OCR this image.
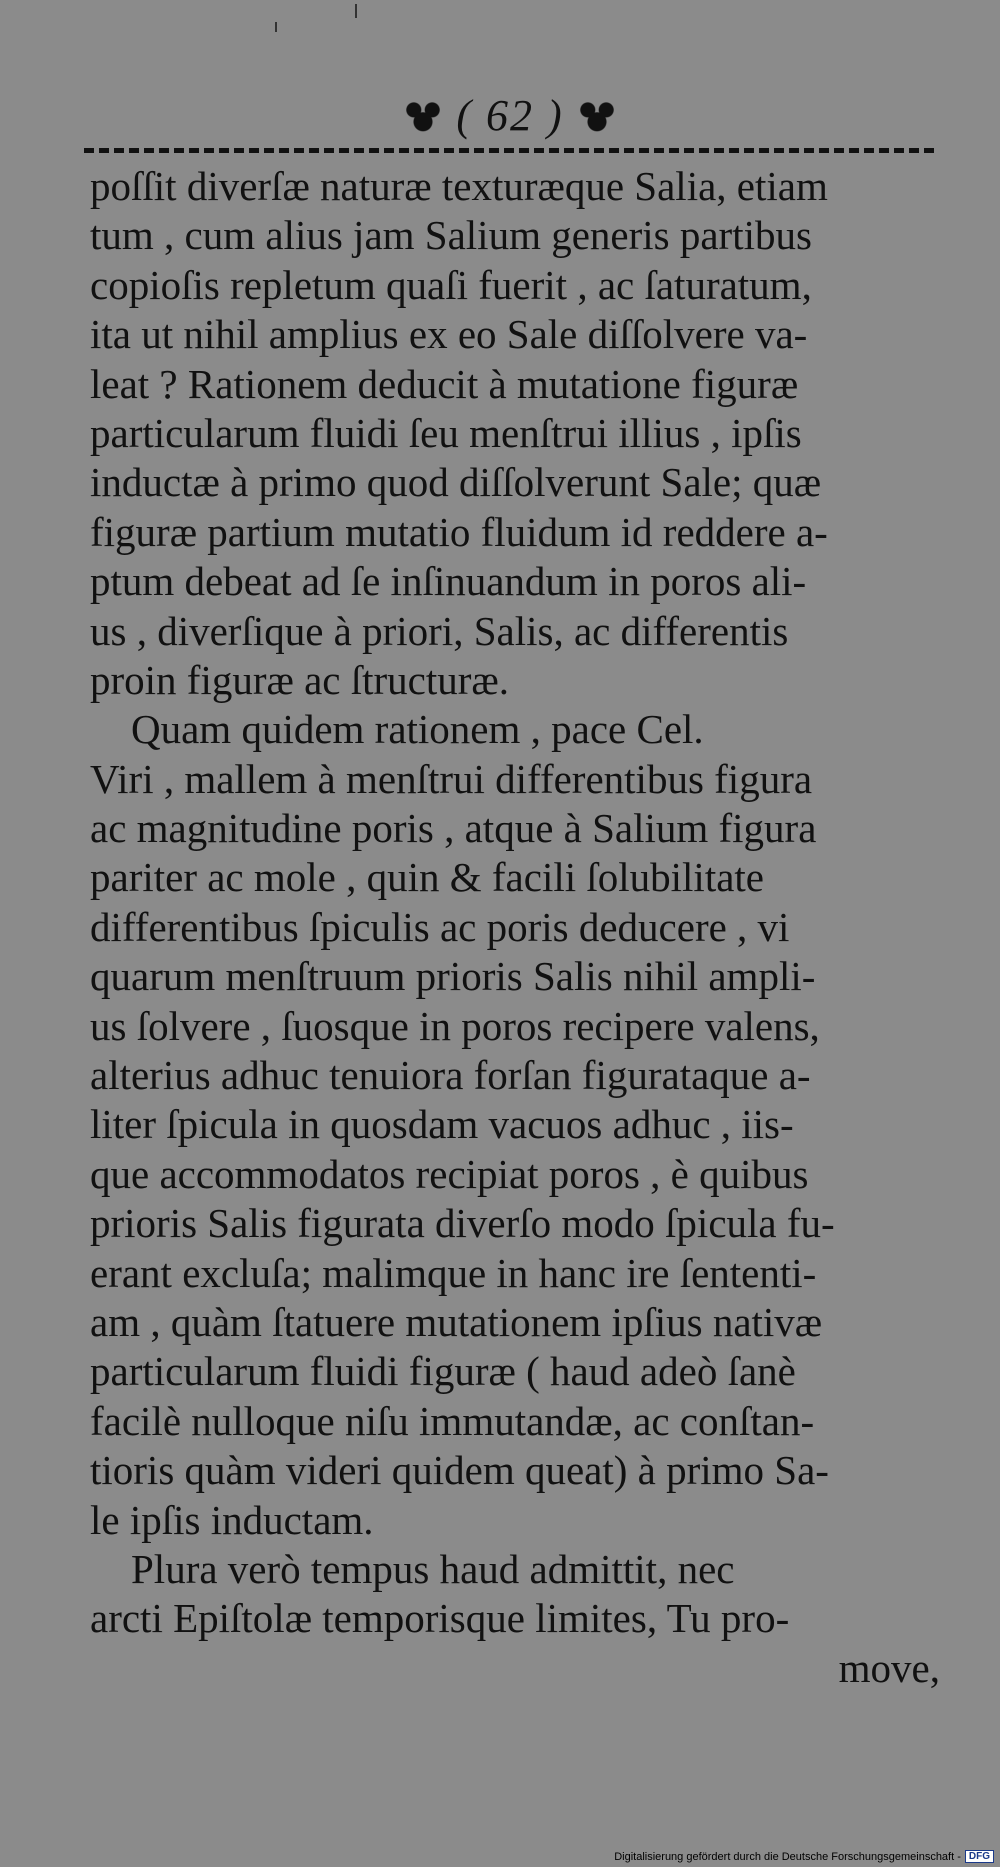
( 62 )
poſſit diverſæ naturæ texturæque Salia, etiam
tum , cum alius jam Salium generis partibus
copioſis repletum quaſi fuerit , ac ſaturatum,
ita ut nihil amplius ex eo Sale diſſolvere va-
leat ? Rationem deducit à mutatione figuræ
particularum fluidi ſeu menſtrui illius , ipſis
inductæ à primo quod diſſolverunt Sale; quæ
figuræ partium mutatio fluidum id reddere a-
ptum debeat ad ſe inſinuandum in poros ali-
us , diverſique à priori, Salis, ac differentis
proin figuræ ac ſtructuræ.
Quam quidem rationem , pace Cel.
Viri , mallem à menſtrui differentibus figura
ac magnitudine poris , atque à Salium figura
pariter ac mole , quin & facili ſolubilitate
differentibus ſpiculis ac poris deducere , vi
quarum menſtruum prioris Salis nihil ampli-
us ſolvere , ſuosque in poros recipere valens,
alterius adhuc tenuiora forſan figurataque a-
liter ſpicula in quosdam vacuos adhuc , iis-
que accommodatos recipiat poros , è quibus
prioris Salis figurata diverſo modo ſpicula fu-
erant excluſa; malimque in hanc ire ſententi-
am , quàm ſtatuere mutationem ipſius nativæ
particularum fluidi figuræ ( haud adeò ſanè
facilè nulloque niſu immutandæ, ac conſtan-
tioris quàm videri quidem queat) à primo Sa-
le ipſis inductam.
Plura verò tempus haud admittit, nec
arcti Epiſtolæ temporisque limites, Tu pro-
move,
Digitalisierung gefördert durch die Deutsche Forschungsgemeinschaft - DFG
